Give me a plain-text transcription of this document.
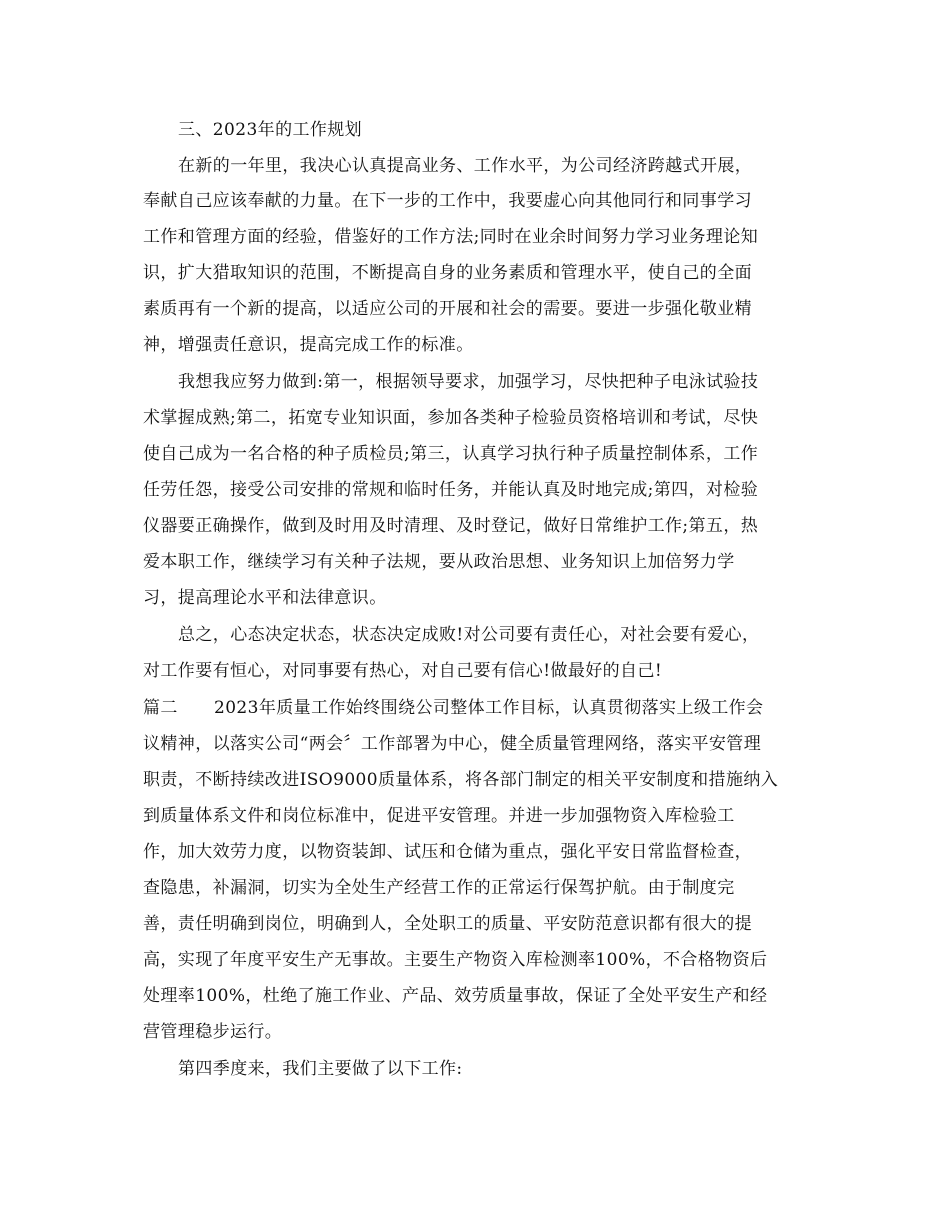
三、2023年的工作规划
在新的一年里，我决心认真提高业务、工作水平，为公司经济跨越式开展，
奉献自己应该奉献的力量。在下一步的工作中，我要虚心向其他同行和同事学习
工作和管理方面的经验，借鉴好的工作方法;同时在业余时间努力学习业务理论知
识，扩大猎取知识的范围，不断提高自身的业务素质和管理水平，使自己的全面
素质再有一个新的提高，以适应公司的开展和社会的需要。要进一步强化敬业精
神，增强责任意识，提高完成工作的标准。
我想我应努力做到:第一，根据领导要求，加强学习，尽快把种子电泳试验技
术掌握成熟;第二，拓宽专业知识面，参加各类种子检验员资格培训和考试，尽快
使自己成为一名合格的种子质检员;第三，认真学习执行种子质量控制体系，工作
任劳任怨，接受公司安排的常规和临时任务，并能认真及时地完成;第四，对检验
仪器要正确操作，做到及时用及时清理、及时登记，做好日常维护工作;第五，热
爱本职工作，继续学习有关种子法规，要从政治思想、业务知识上加倍努力学
习，提高理论水平和法律意识。
总之，心态决定状态，状态决定成败!对公司要有责任心，对社会要有爱心，
对工作要有恒心，对同事要有热心，对自己要有信心!做最好的自己!
篇二 2023年质量工作始终围绕公司整体工作目标，认真贯彻落实上级工作会
议精神，以落实公司“两会〞工作部署为中心，健全质量管理网络，落实平安管理
职责，不断持续改进ISO9000质量体系，将各部门制定的相关平安制度和措施纳入
到质量体系文件和岗位标准中，促进平安管理。并进一步加强物资入库检验工
作，加大效劳力度，以物资装卸、试压和仓储为重点，强化平安日常监督检查，
查隐患，补漏洞，切实为全处生产经营工作的正常运行保驾护航。由于制度完
善，责任明确到岗位，明确到人，全处职工的质量、平安防范意识都有很大的提
高，实现了年度平安生产无事故。主要生产物资入库检测率100%，不合格物资后
处理率100%，杜绝了施工作业、产品、效劳质量事故，保证了全处平安生产和经
营管理稳步运行。
第四季度来，我们主要做了以下工作:
